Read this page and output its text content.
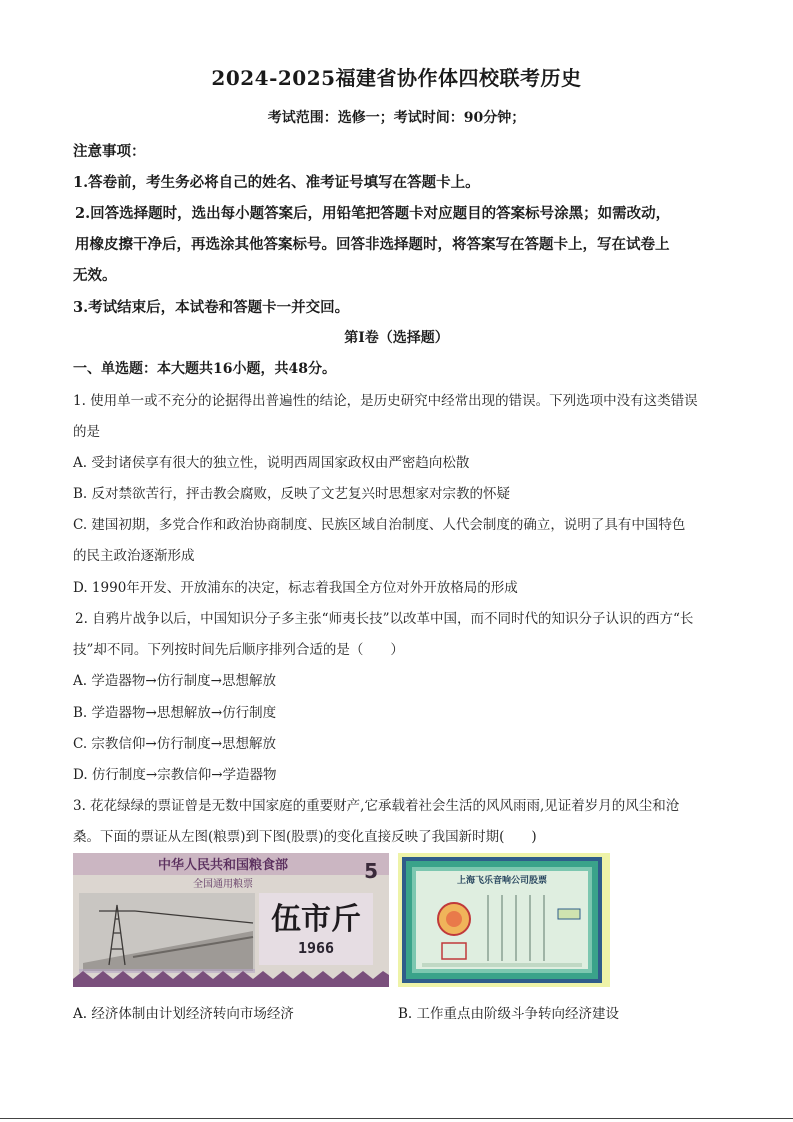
2024-2025福建省协作体四校联考历史
考试范围：选修一；考试时间：90分钟；
注意事项：
1.答卷前，考生务必将自己的姓名、准考证号填写在答题卡上。
2.回答选择题时，选出每小题答案后，用铅笔把答题卡对应题目的答案标号涂黑；如需改动，
用橡皮擦干净后，再选涂其他答案标号。回答非选择题时，将答案写在答题卡上，写在试卷上
无效。
3.考试结束后，本试卷和答题卡一并交回。
第Ⅰ卷（选择题）
一、单选题：本大题共16小题，共48分。
1. 使用单一或不充分的论据得出普遍性的结论，是历史研究中经常出现的错误。下列选项中没有这类错误
的是
A. 受封诸侯享有很大的独立性，说明西周国家政权由严密趋向松散
B. 反对禁欲苦行，抨击教会腐败，反映了文艺复兴时思想家对宗教的怀疑
C. 建国初期，多党合作和政治协商制度、民族区域自治制度、人代会制度的确立，说明了具有中国特色
的民主政治逐渐形成
D. 1990年开发、开放浦东的决定，标志着我国全方位对外开放格局的形成
2. 自鸦片战争以后，中国知识分子多主张“师夷长技”以改革中国，而不同时代的知识分子认识的西方“长
技”却不同。下列按时间先后顺序排列合适的是（　　）
A. 学造器物→仿行制度→思想解放
B. 学造器物→思想解放→仿行制度
C. 宗教信仰→仿行制度→思想解放
D. 仿行制度→宗教信仰→学造器物
3. 花花绿绿的票证曾是无数中国家庭的重要财产,它承载着社会生活的风风雨雨,见证着岁月的风尘和沧
桑。下面的票证从左图(粮票)到下图(股票)的变化直接反映了我国新时期(　　)
中华人民共和国粮食部
全国通用粮票
5
伍市斤
1966
上海飞乐音响公司股票
A. 经济体制由计划经济转向市场经济	B. 工作重点由阶级斗争转向经济建设
